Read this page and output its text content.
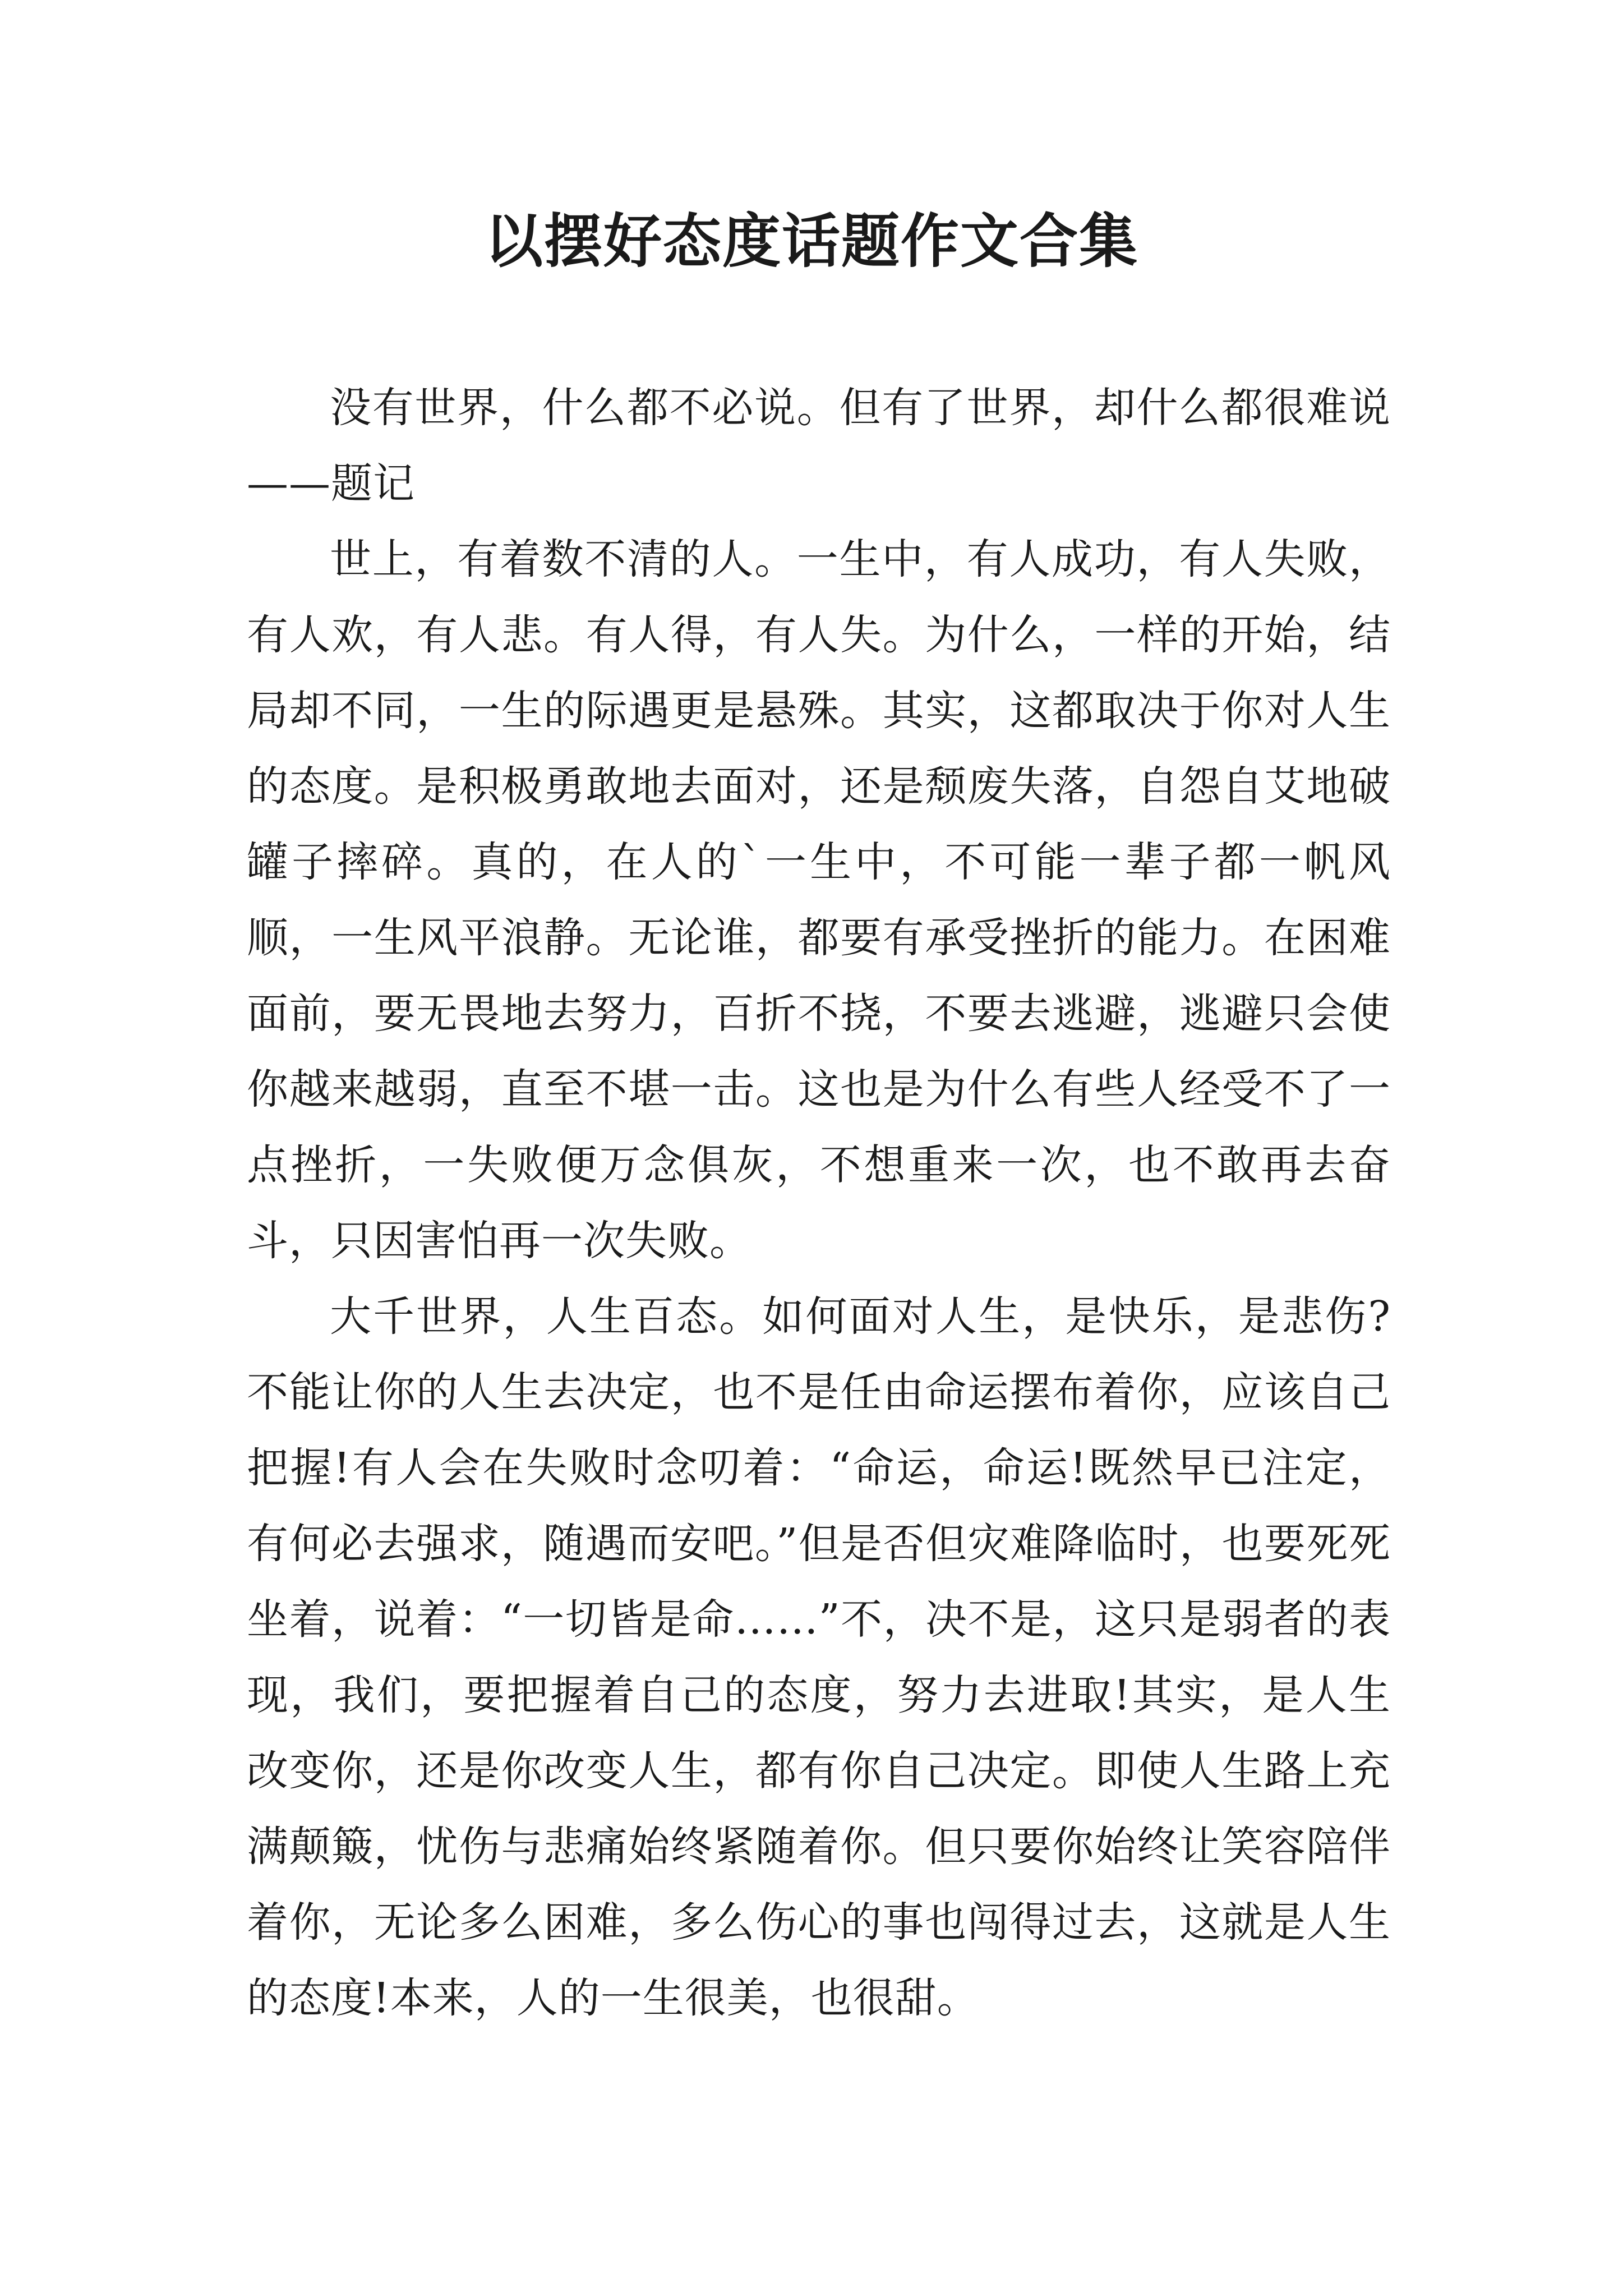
以摆好态度话题作文合集

没有世界，什么都不必说。但有了世界，却什么都很难说——题记

世上，有着数不清的人。一生中，有人成功，有人失败，有人欢，有人悲。有人得，有人失。为什么，一样的开始，结局却不同，一生的际遇更是悬殊。其实，这都取决于你对人生的态度。是积极勇敢地去面对，还是颓废失落，自怨自艾地破罐子摔碎。真的，在人的`一生中，不可能一辈子都一帆风顺，一生风平浪静。无论谁，都要有承受挫折的能力。在困难面前，要无畏地去努力，百折不挠，不要去逃避，逃避只会使你越来越弱，直至不堪一击。这也是为什么有些人经受不了一点挫折，一失败便万念俱灰，不想重来一次，也不敢再去奋斗，只因害怕再一次失败。

大千世界，人生百态。如何面对人生，是快乐，是悲伤?不能让你的人生去决定，也不是任由命运摆布着你，应该自己把握!有人会在失败时念叨着：“命运，命运!既然早已注定，有何必去强求，随遇而安吧。”但是否但灾难降临时，也要死死坐着，说着：“一切皆是命……”不，决不是，这只是弱者的表现，我们，要把握着自己的态度，努力去进取!其实，是人生改变你，还是你改变人生，都有你自己决定。即使人生路上充满颠簸，忧伤与悲痛始终紧随着你。但只要你始终让笑容陪伴着你，无论多么困难，多么伤心的事也闯得过去，这就是人生的态度!本来，人的一生很美，也很甜。
